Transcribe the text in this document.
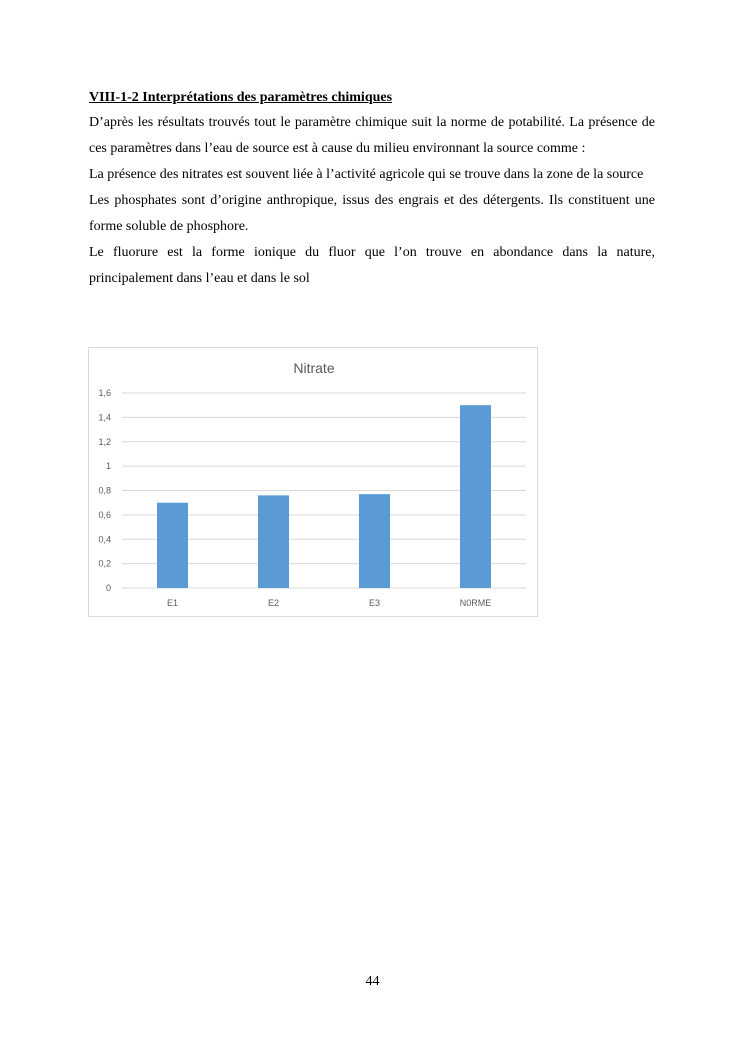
VIII-1-2 Interprétations des paramètres chimiques

D’après les résultats trouvés tout le paramètre chimique suit la norme de potabilité. La présence de ces paramètres dans l’eau de source est à cause du milieu environnant la source comme :

La présence des nitrates est souvent liée à l’activité agricole qui se trouve dans la zone de la source

Les phosphates sont d’origine anthropique, issus des engrais et des détergents. Ils constituent une forme soluble de phosphore.

Le fluorure est la forme ionique du fluor que l’on trouve en abondance dans la nature, principalement dans l’eau et dans le sol

Nitrate
0
0,2
0,4
0,6
0,8
1
1,2
1,4
1,6
E1	E2	E3	N0RME
44
